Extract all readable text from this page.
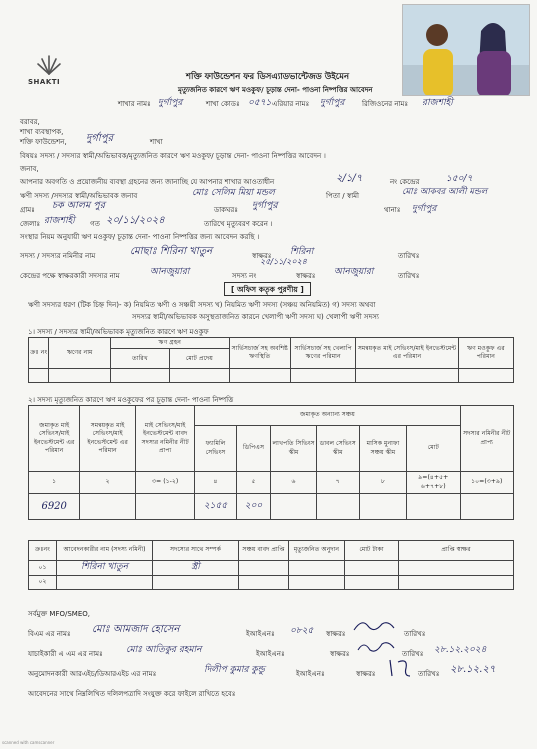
SHAKTI	শক্তি ফাউন্ডেশন ফর ডিসএ্যাডভান্টেজড উইমেন
মৃত্যুজনিত কারণে ঋণ মওকুফ/ চূড়ান্ত দেনা- পাওনা নিষ্পত্তির আবেদন
শাখার নামঃ দুর্গাপুর	শাখা কোডঃ ০৫৭১ এরিয়ার নামঃ দুর্গাপুর	রিজিওনের নামঃ রাজশাহী
বরাবর,
শাখা ব্যবস্থাপক,
শক্তি ফাউন্ডেশন, দুর্গাপুর	শাখা
বিষয়ঃ সদস্য / সদস্যর স্বামী/অভিভাবক/মৃত্যুজনিত কারণে ঋণ মওকুফ/ চূড়ান্ত দেনা- পাওনা নিষ্পত্তির আবেদন ।
জনাব,
আপনার অবগতি ও প্রয়োজনীয় ব্যবস্থা গ্রহনের জন্য জানাচ্ছি যে আপনার শাখার আওতাধীন	২/১/৭	নং কেন্দ্রের	১৫০/৭
ঋণী সদস্য /সদস্যর স্বামী/অভিভাবক জনাব	মোঃ সেলিম মিয়া মন্ডল	পিতা / স্বামী	মোঃ আকবর আলী মন্ডল
গ্রামঃ চক আলম পুর	ডাকঘরঃ দুর্গাপুর	থানাঃ দুর্গাপুর
জেলাঃ রাজশাহী গত ২০/১১/২০২৪	তারিখে মৃত্যুবরণ করেন ।
সংস্থার নিয়ম অনুযায়ী ঋণ মওকুফ/ চূড়ান্ত দেনা- পাওনা নিষ্পত্তির জন্য আবেদন করছি ।
সদস্য / সদস্যর নমিনীর নাম	মোছাঃ শিরিনা খাতুন	স্বাক্ষরঃ শিরিনা
২৫/১১/২০২৪
তারিখঃ
কেন্দ্রের পক্ষে স্বাক্ষরকারী সদস্যর নাম	আনজুয়ারা	সদস্য নং	স্বাক্ষরঃ আনজুয়ারা	তারিখঃ
[ অফিস কতৃক পুরণীয় ]
ঋণী সদস্যর ধরণ (টিক চিহ্ন দিন)- ক) নিয়মিত ঋণী ও সঞ্চয়ী সদস্য খ) নিয়মিত ঋণী সদস্য (সঞ্চয় অনিয়মিত) গ) সদস্য অথবা
সদস্যর স্বামী/অভিভাবক অসুস্থতাজনিত কারনে খেলাপী ঋণী সদস্য ঘ) খেলাপী ঋণী সদস্য
১। সদস্য / সদস্যর স্বামী/অভিভাবক মৃত্যুজনিত কারণে ঋণ মওকুফ
ক্রঃ নং	ঋণের নাম	ঋণ গ্রহন		সার্ভিসচার্জ সহ অবশিষ্ট ঋণস্থিতি	সার্ভিসচার্জ সহ খেলাপি ঋণের পরিমান	সমন্বয়কৃত মাই সেভিংস/মাই ইনভেস্টমেন্ট এর পরিমান	ঋণ মওকুফ এর পরিমান
		তারিখ	মোট প্রদেয়				

২। সদস্য মৃত্যুজনিত কারণে ঋণ মওকুফের পর চূড়ান্ত দেনা- পাওনা নিষ্পত্তি
জমাকৃত মাই সেভিংস/মাই ইনভেস্টমেন্ট এর পরিমান	সমন্বয়কৃত মাই সেভিংস/মাই ইনভেস্টমেন্ট এর পরিমান	মাই সেভিংস/মাই ইনভেস্টমেন্ট বাবদ সদস্যর নমিনীর নীট প্রাপ্য	জমাকৃত অন্যান্য সঞ্চয়						সদস্যর নমিনীর নীট প্রাপ্য
			ফ্যামিলি সেভিংস	ডিপিএস	লাখপতি সিভিংস স্কীম	ডাবল সেভিংস স্কীম	মাসিক মুনাফা সঞ্চয় স্কীম	মোট	
১	২	৩= (১-২)	৪	৫	৬	৭	৮	৯=(৪+৫+ ৬+৭+৮)	১০=(৩+৯)
6920			২১৫৫	২০০					
ক্রঃনং	আবেদনকারীর নাম (সদস্য নমিনী)	সদস্যের সাথে সম্পর্ক	সঞ্চয় বাবদ প্রাপ্তি	মৃত্যুজনিত অনুদান	মোট টাকা	প্রাপ্তি স্বাক্ষর
০১	শিরিনা খাতুন	স্ত্রী				
০২						
সর্বমুক্ত MFO/SMEO,
বিএম এর নামঃ মোঃ আমজাদ হোসেন	ইআইএনঃ ০৮২৫ স্বাক্ষরঃ	তারিখঃ
যাচাইকারী এ এম এর নামঃ	মোঃ আতিকুর রহমান	ইআইএনঃ	স্বাক্ষরঃ	তারিখঃ ২৮.১২.২০২৪
অনুমোদনকারী আরএইচ/ডিআরএইচ এর নামঃ	দিলীপ কুমার কুন্ডু	ইআইএনঃ	স্বাক্ষরঃ	তারিখঃ ২৮.১২.২৭
আবেদনের সাথে নিম্নলিখিত দলিলপত্রাদি সংযুক্ত করে ফাইলে রাখিতে হবেঃ
scanned with camscanner
